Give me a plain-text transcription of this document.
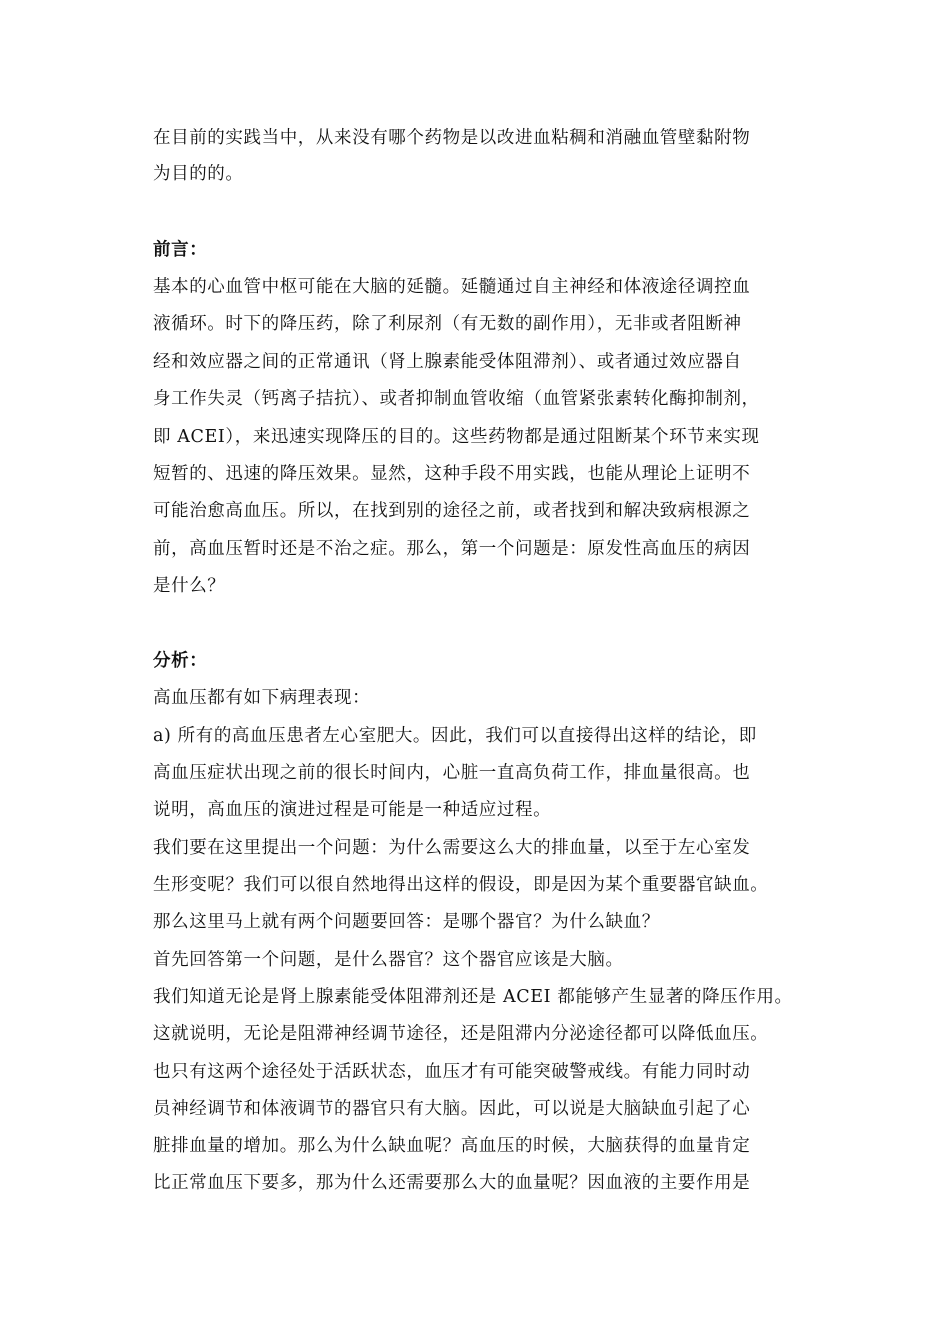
在目前的实践当中，从来没有哪个药物是以改进血粘稠和消融血管壁黏附物
为目的的。
前言：
基本的心血管中枢可能在大脑的延髓。延髓通过自主神经和体液途径调控血
液循环。时下的降压药，除了利尿剂（有无数的副作用），无非或者阻断神
经和效应器之间的正常通讯（肾上腺素能受体阻滞剂）、或者通过效应器自
身工作失灵（钙离子拮抗）、或者抑制血管收缩（血管紧张素转化酶抑制剂，
即 ACEI），来迅速实现降压的目的。这些药物都是通过阻断某个环节来实现
短暂的、迅速的降压效果。显然，这种手段不用实践，也能从理论上证明不
可能治愈高血压。所以，在找到别的途径之前，或者找到和解决致病根源之
前，高血压暂时还是不治之症。那么，第一个问题是：原发性高血压的病因
是什么？
分析：
高血压都有如下病理表现：
a) 所有的高血压患者左心室肥大。因此，我们可以直接得出这样的结论，即
高血压症状出现之前的很长时间内，心脏一直高负荷工作，排血量很高。也
说明，高血压的演进过程是可能是一种适应过程。
我们要在这里提出一个问题：为什么需要这么大的排血量，以至于左心室发
生形变呢？我们可以很自然地得出这样的假设，即是因为某个重要器官缺血。
那么这里马上就有两个问题要回答：是哪个器官？为什么缺血？
首先回答第一个问题，是什么器官？这个器官应该是大脑。
我们知道无论是肾上腺素能受体阻滞剂还是 ACEI 都能够产生显著的降压作用。
这就说明，无论是阻滞神经调节途径，还是阻滞内分泌途径都可以降低血压。
也只有这两个途径处于活跃状态，血压才有可能突破警戒线。有能力同时动
员神经调节和体液调节的器官只有大脑。因此，可以说是大脑缺血引起了心
脏排血量的增加。那么为什么缺血呢？高血压的时候，大脑获得的血量肯定
比正常血压下要多，那为什么还需要那么大的血量呢？因血液的主要作用是
